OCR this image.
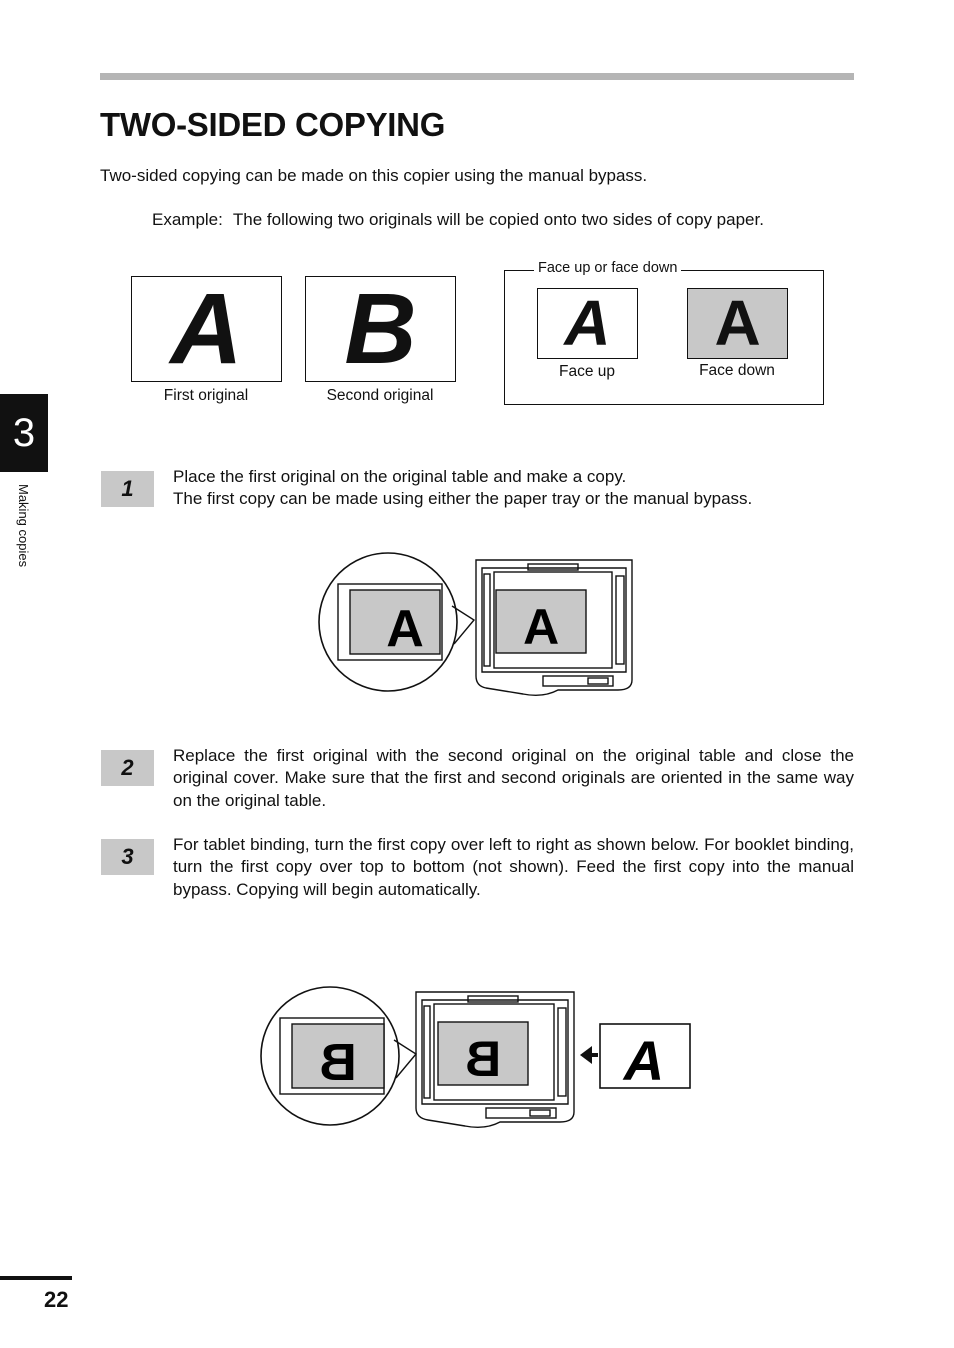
TWO-SIDED COPYING
Two-sided copying can be made on this copier using the manual bypass.
Example: The following two originals will be copied onto two sides of copy paper.
A
First original
B
Second original
Face up or face down
A
Face up
A
Face down
3
Making copies	1	Place the first original on the original table and make a copy.

The first copy can be made using either the paper tray or the manual bypass.

A
A
2	Replace the first original with the second original on the original table and close the original cover. Make sure that the first and second originals are oriented in the same way on the original table.

3	For tablet binding, turn the first copy over left to right as shown below. For booklet binding, turn the first copy over top to bottom (not shown). Feed the first copy into the manual bypass. Copying will begin automatically.

B
B	A
22
